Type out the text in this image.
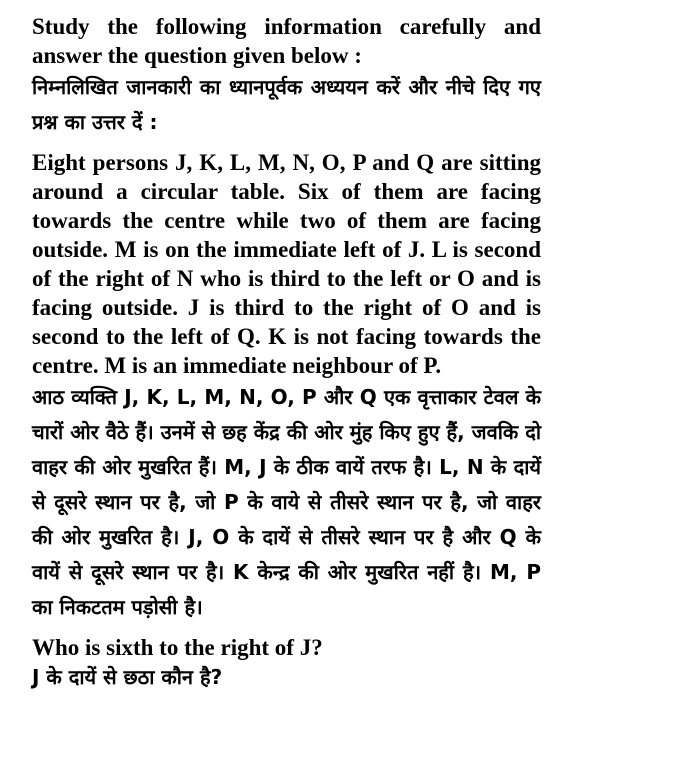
Study the following information carefully and answer the question given below :

निम्नलिखित जानकारी का ध्यानपूर्वक अध्ययन करें और नीचे दिए गए प्रश्न का उत्तर दें :

Eight persons J, K, L, M, N, O, P and Q are sitting around a circular table. Six of them are facing towards the centre while two of them are facing outside. M is on the immediate left of J. L is second of the right of N who is third to the left or O and is facing outside. J is third to the right of O and is second to the left of Q. K is not facing towards the centre. M is an immediate neighbour of P.

आठ व्यक्ति J, K, L, M, N, O, P और Q एक वृत्ताकार टेवल के चारों ओर वैठे हैं। उनमें से छह केंद्र की ओर मुंह किए हुए हैं, जवकि दो वाहर की ओर मुखरित हैं। M, J के ठीक वायें तरफ है। L, N के दायें से दूसरे स्थान पर है, जो P के वाये से तीसरे स्थान पर है, जो वाहर की ओर मुखरित है। J, O के दायें से तीसरे स्थान पर है और Q के वायें से दूसरे स्थान पर है। K केन्द्र की ओर मुखरित नहीं है। M, P का निकटतम पड़ोसी है।

Who is sixth to the right of J?

J के दायें से छठा कौन है?
